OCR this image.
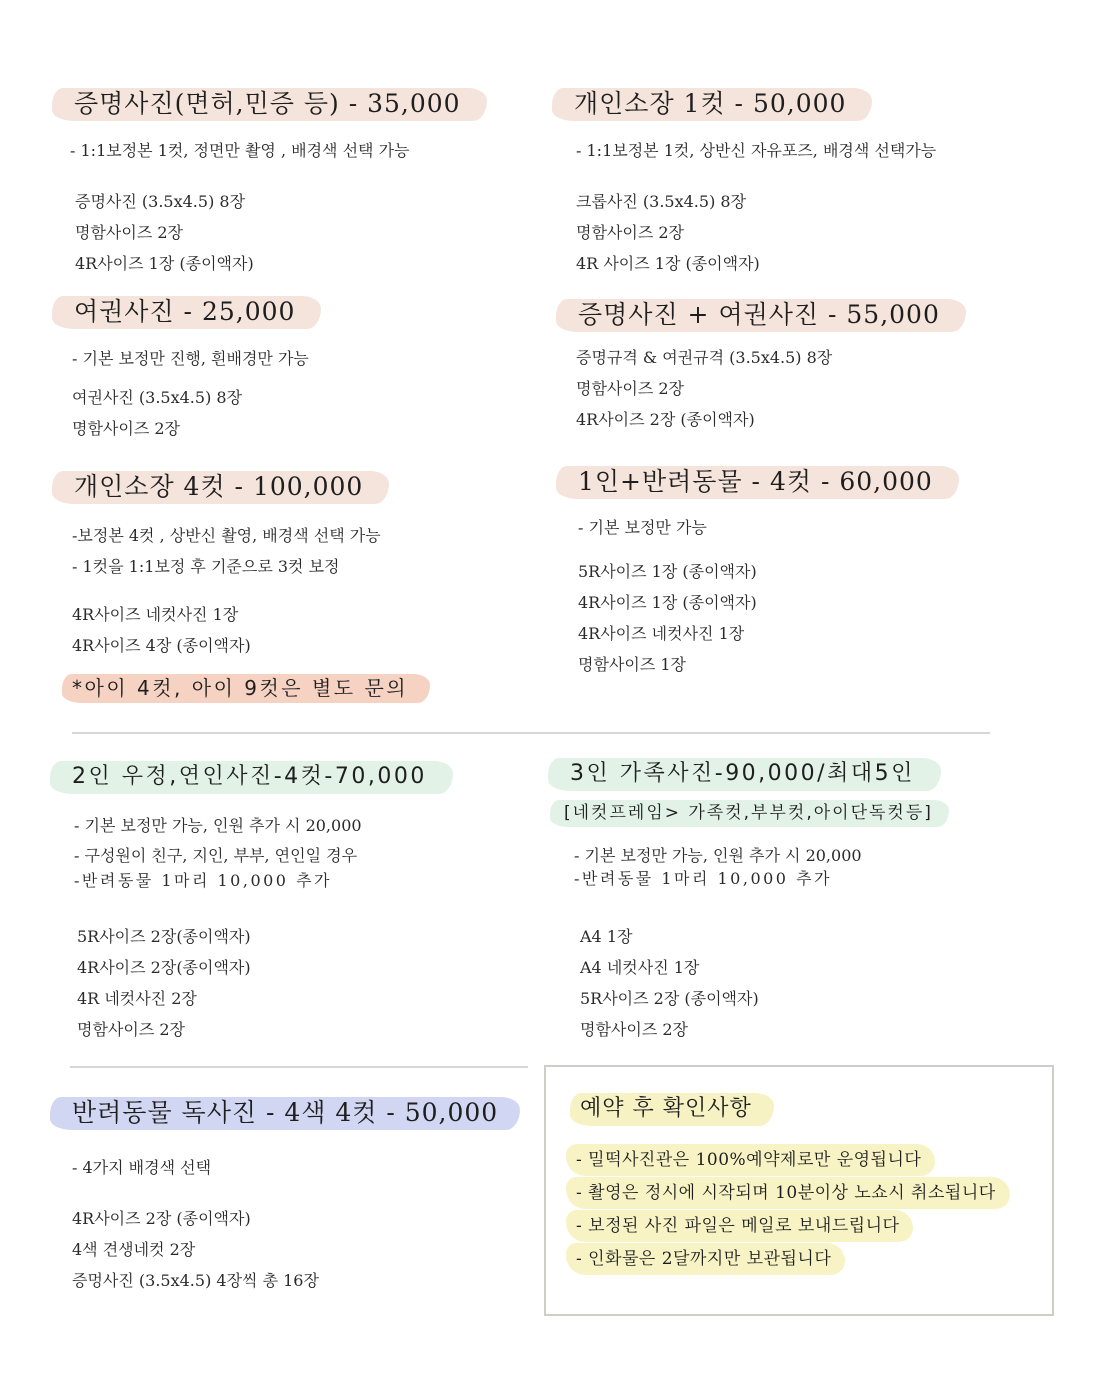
증명사진(면허,민증 등) - 35,000
- 1:1보정본 1컷, 정면만 촬영 , 배경색 선택 가능
증명사진 (3.5x4.5) 8장
명함사이즈 2장
4R사이즈 1장 (종이액자)
개인소장 1컷 - 50,000
- 1:1보정본 1컷, 상반신 자유포즈, 배경색 선택가능
크롭사진 (3.5x4.5) 8장
명함사이즈 2장
4R 사이즈 1장 (종이액자)
여권사진 - 25,000
- 기본 보정만 진행, 흰배경만 가능
여권사진 (3.5x4.5) 8장
명함사이즈 2장
증명사진 + 여권사진 - 55,000
증명규격 & 여권규격 (3.5x4.5) 8장
명함사이즈 2장
4R사이즈 2장 (종이액자)
개인소장 4컷 - 100,000
-보정본 4컷 , 상반신 촬영, 배경색 선택 가능
- 1컷을 1:1보정 후 기준으로 3컷 보정
4R사이즈 네컷사진 1장
4R사이즈 4장 (종이액자)
*아이 4컷, 아이 9컷은 별도 문의
1인+반려동물 - 4컷 - 60,000
- 기본 보정만 가능
5R사이즈 1장 (종이액자)
4R사이즈 1장 (종이액자)
4R사이즈 네컷사진 1장
명함사이즈 1장
2인 우정,연인사진-4컷-70,000
- 기본 보정만 가능, 인원 추가 시 20,000
- 구성원이 친구, 지인, 부부, 연인일 경우
-반려동물 1마리 10,000 추가
5R사이즈 2장(종이액자)
4R사이즈 2장(종이액자)
4R 네컷사진 2장
명함사이즈 2장
3인 가족사진-90,000/최대5인
[네컷프레임> 가족컷,부부컷,아이단독컷등]
- 기본 보정만 가능, 인원 추가 시 20,000
-반려동물 1마리 10,000 추가
A4 1장
A4 네컷사진 1장
5R사이즈 2장 (종이액자)
명함사이즈 2장
반려동물 독사진 - 4색 4컷 - 50,000
- 4가지 배경색 선택
4R사이즈 2장 (종이액자)
4색 견생네컷 2장
증멍사진 (3.5x4.5) 4장씩 총 16장
예약 후 확인사항
- 밀떡사진관은 100%예약제로만 운영됩니다
- 촬영은 정시에 시작되며 10분이상 노쇼시 취소됩니다
- 보정된 사진 파일은 메일로 보내드립니다
- 인화물은 2달까지만 보관됩니다
